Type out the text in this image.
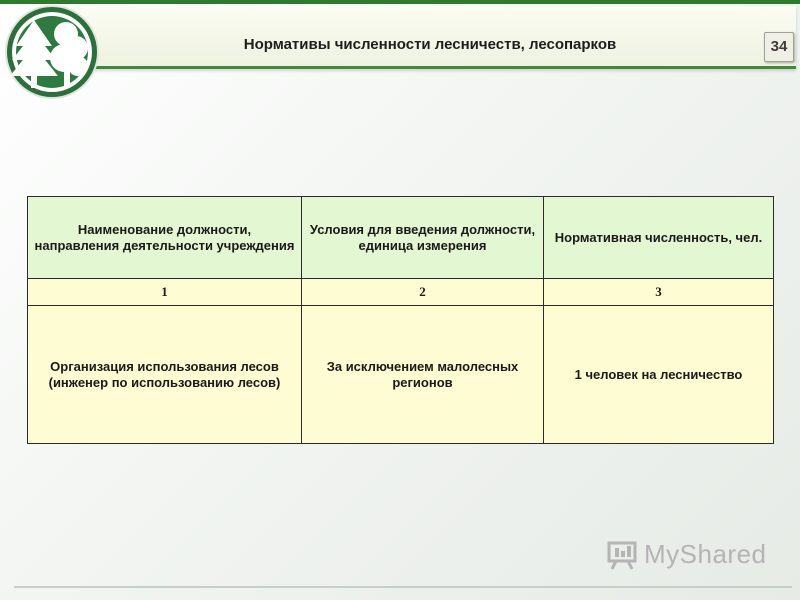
Нормативы численности лесничеств, лесопарков	34
Наименование должности, направления деятельности учреждения	Условия для введения должности, единица измерения	Нормативная численность, чел.
1	2	3
Организация использования лесов (инженер по использованию лесов)	За исключением малолесных регионов	1 человек на лесничество
MyShared
